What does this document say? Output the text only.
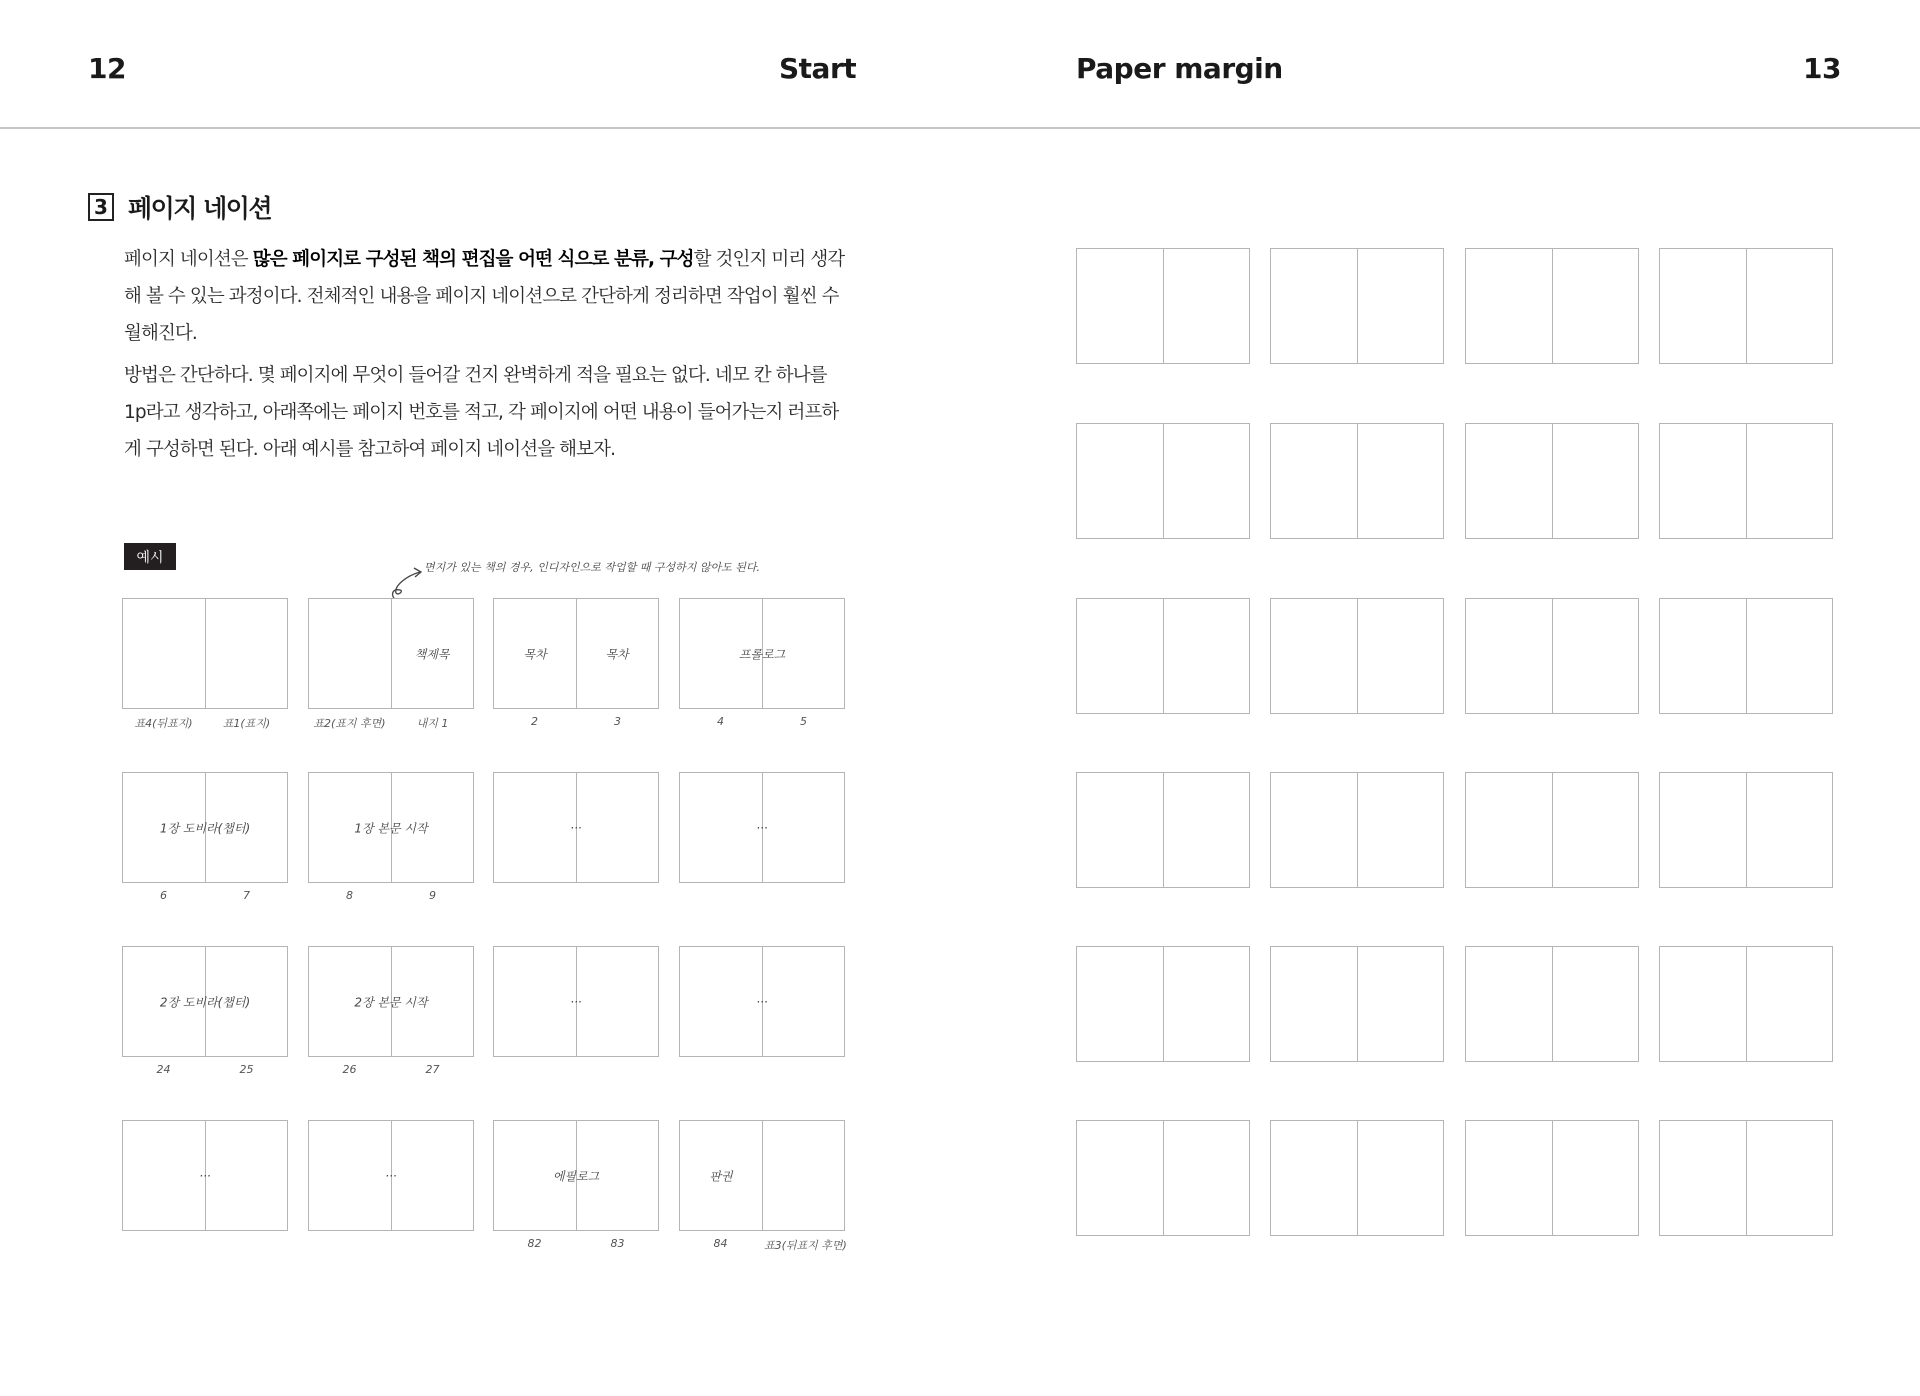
12	Start	Paper margin	13
3 페이지 네이션

페이지 네이션은 많은 페이지로 구성된 책의 편집을 어떤 식으로 분류, 구성할 것인지 미리 생각해 볼 수 있는 과정이다. 전체적인 내용을 페이지 네이션으로 간단하게 정리하면 작업이 훨씬 수월해진다.

방법은 간단하다. 몇 페이지에 무엇이 들어갈 건지 완벽하게 적을 필요는 없다. 네모 칸 하나를 1p라고 생각하고, 아래쪽에는 페이지 번호를 적고, 각 페이지에 어떤 내용이 들어가는지 러프하게 구성하면 된다. 아래 예시를 참고하여 페이지 네이션을 해보자.

예시
면지가 있는 책의 경우, 인디자인으로 작업할 때 구성하지 않아도 된다.
표4(뒤표지)	표1(표지)
책제목
표2(표지 후면)	내지 1
목차	목차
2	3
프롤로그
4	5
1장 도비라(챕터)
6	7
1장 본문 시작
8	9
···	···
2장 도비라(챕터)
24	25
2장 본문 시작
26	27
···	···
···	···	에필로그
82	83
판권
84	표3(뒤표지 후면)
